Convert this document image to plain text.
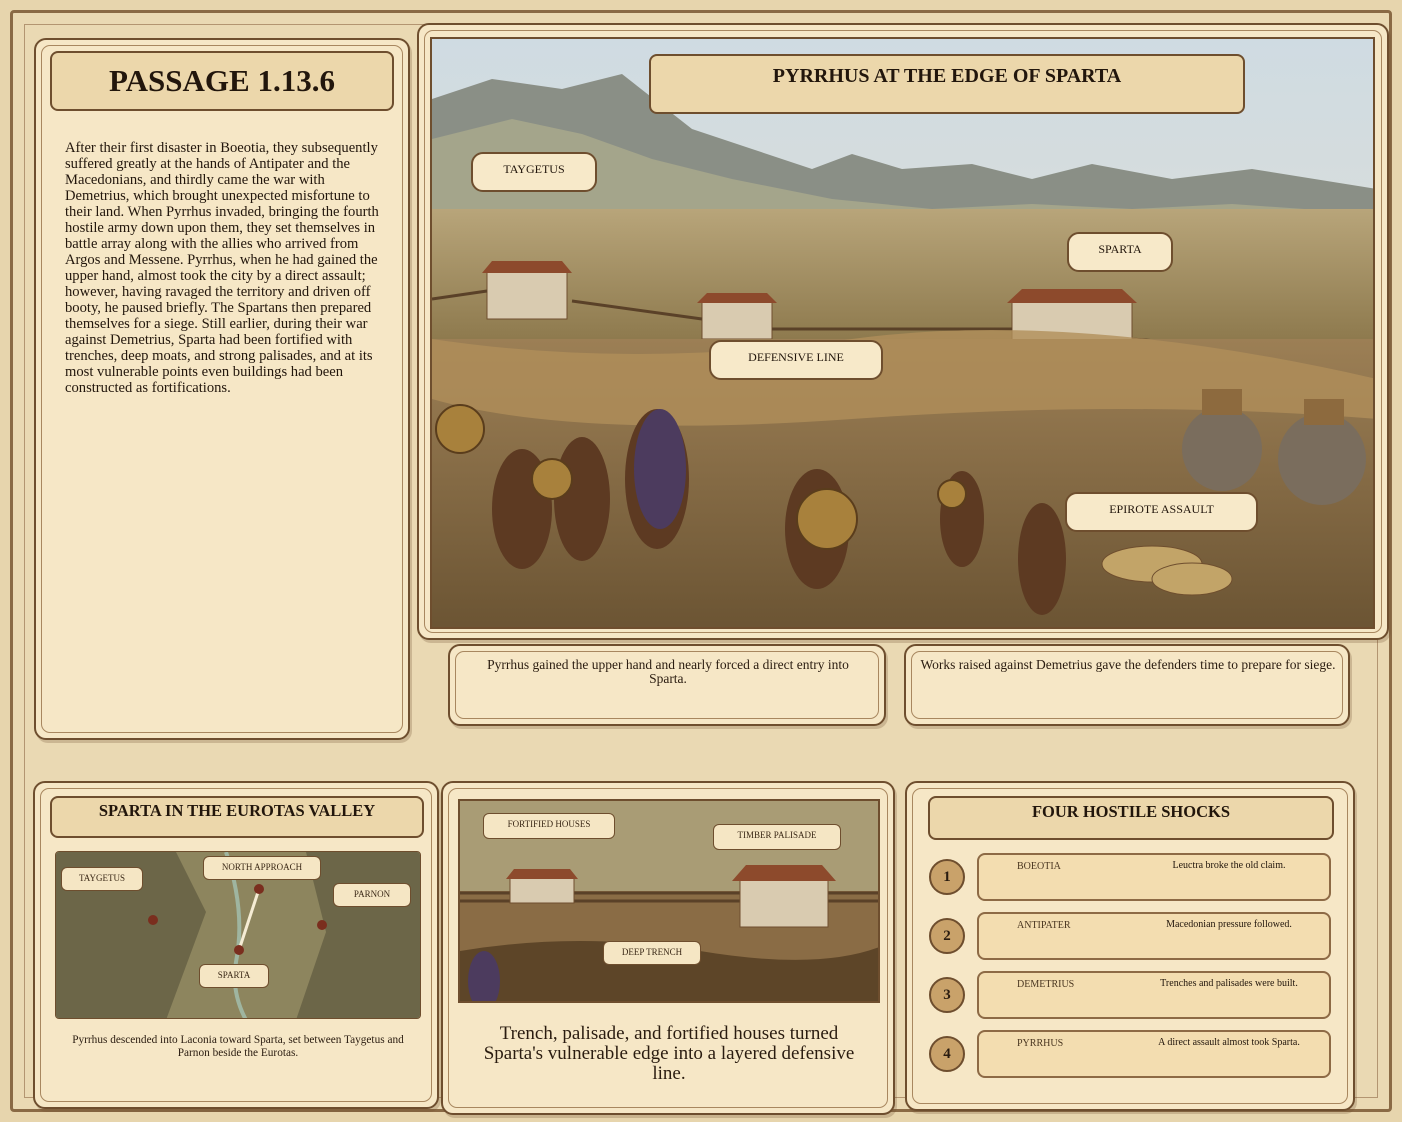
PASSAGE 1.13.6

After their first disaster in Boeotia, they subsequently suffered greatly at the hands of Antipater and the Macedonians, and thirdly came the war with Demetrius, which brought unexpected misfortune to their land. When Pyrrhus invaded, bringing the fourth hostile army down upon them, they set themselves in battle array along with the allies who arrived from Argos and Messene. Pyrrhus, when he had gained the upper hand, almost took the city by a direct assault; however, having ravaged the territory and driven off booty, he paused briefly. The Spartans then prepared themselves for a siege. Still earlier, during their war against Demetrius, Sparta had been fortified with trenches, deep moats, and strong palisades, and at its most vulnerable points even buildings had been constructed as fortifications.

PYRRHUS AT THE EDGE OF SPARTA
TAYGETUS
SPARTA
DEFENSIVE LINE
EPIROTE ASSAULT

Pyrrhus gained the upper hand and nearly forced a direct entry into Sparta.

Works raised against Demetrius gave the defenders time to prepare for siege.

SPARTA IN THE EUROTAS VALLEY
TAYGETUS
NORTH APPROACH
PARNON
SPARTA

Pyrrhus descended into Laconia toward Sparta, set between Taygetus and Parnon beside the Eurotas.

FORTIFIED HOUSES
TIMBER PALISADE
DEEP TRENCH

Trench, palisade, and fortified houses turned Sparta's vulnerable edge into a layered defensive line.

FOUR HOSTILE SHOCKS
1
BOEOTIA	Leuctra broke the old claim.
2
ANTIPATER	Macedonian pressure followed.
3
DEMETRIUS	Trenches and palisades were built.
4
PYRRHUS	A direct assault almost took Sparta.
